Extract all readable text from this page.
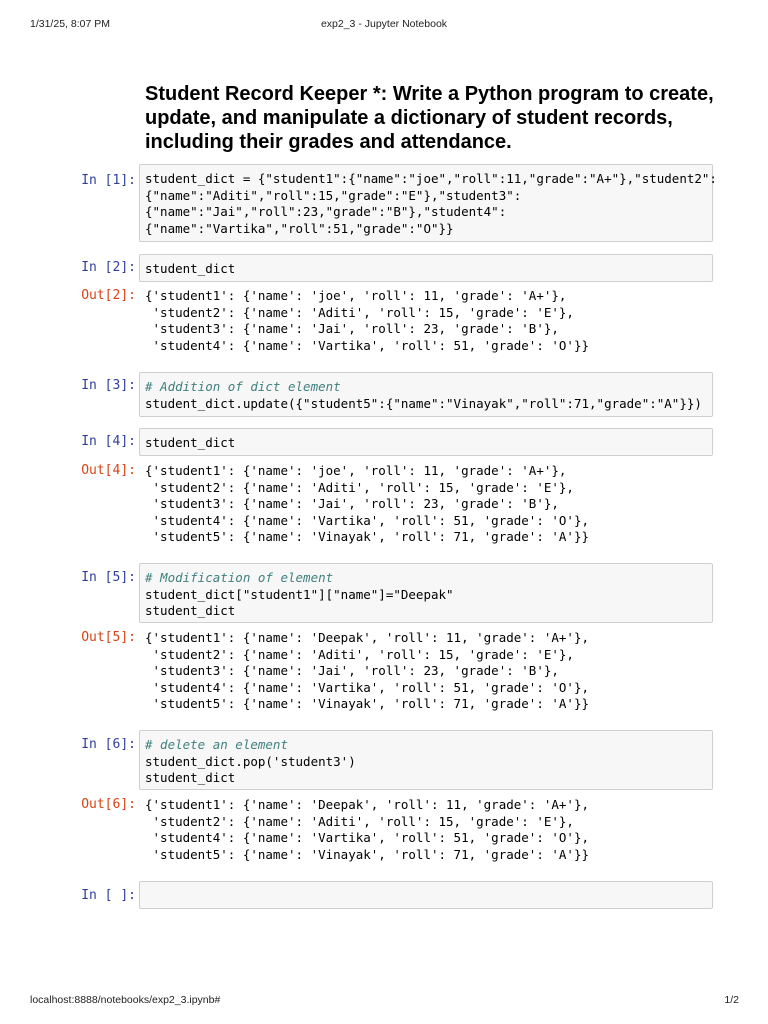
1/31/25, 8:07 PM	exp2_3 - Jupyter Notebook
Student Record Keeper *: Write a Python program to create, update, and manipulate a dictionary of student records, including their grades and attendance.
In [1]: student_dict = {"student1":{"name":"joe","roll":11,"grade":"A+"},"student2":
{"name":"Aditi","roll":15,"grade":"E"},"student3":
{"name":"Jai","roll":23,"grade":"B"},"student4":
{"name":"Vartika","roll":51,"grade":"O"}}
In [2]: student_dict
Out[2]: {'student1': {'name': 'joe', 'roll': 11, 'grade': 'A+'},
'student2': {'name': 'Aditi', 'roll': 15, 'grade': 'E'},
'student3': {'name': 'Jai', 'roll': 23, 'grade': 'B'},
'student4': {'name': 'Vartika', 'roll': 51, 'grade': 'O'}}
In [3]: # Addition of dict element
student_dict.update({"student5":{"name":"Vinayak","roll":71,"grade":"A"}})
In [4]: student_dict
Out[4]: {'student1': {'name': 'joe', 'roll': 11, 'grade': 'A+'},
'student2': {'name': 'Aditi', 'roll': 15, 'grade': 'E'},
'student3': {'name': 'Jai', 'roll': 23, 'grade': 'B'},
'student4': {'name': 'Vartika', 'roll': 51, 'grade': 'O'},
'student5': {'name': 'Vinayak', 'roll': 71, 'grade': 'A'}}
In [5]: # Modification of element
student_dict["student1"]["name"]="Deepak"
student_dict
Out[5]: {'student1': {'name': 'Deepak', 'roll': 11, 'grade': 'A+'},
'student2': {'name': 'Aditi', 'roll': 15, 'grade': 'E'},
'student3': {'name': 'Jai', 'roll': 23, 'grade': 'B'},
'student4': {'name': 'Vartika', 'roll': 51, 'grade': 'O'},
'student5': {'name': 'Vinayak', 'roll': 71, 'grade': 'A'}}
In [6]: # delete an element
student_dict.pop('student3')
student_dict
Out[6]: {'student1': {'name': 'Deepak', 'roll': 11, 'grade': 'A+'},
'student2': {'name': 'Aditi', 'roll': 15, 'grade': 'E'},
'student4': {'name': 'Vartika', 'roll': 51, 'grade': 'O'},
'student5': {'name': 'Vinayak', 'roll': 71, 'grade': 'A'}}
In [ ]:
localhost:8888/notebooks/exp2_3.ipynb#	1/2
